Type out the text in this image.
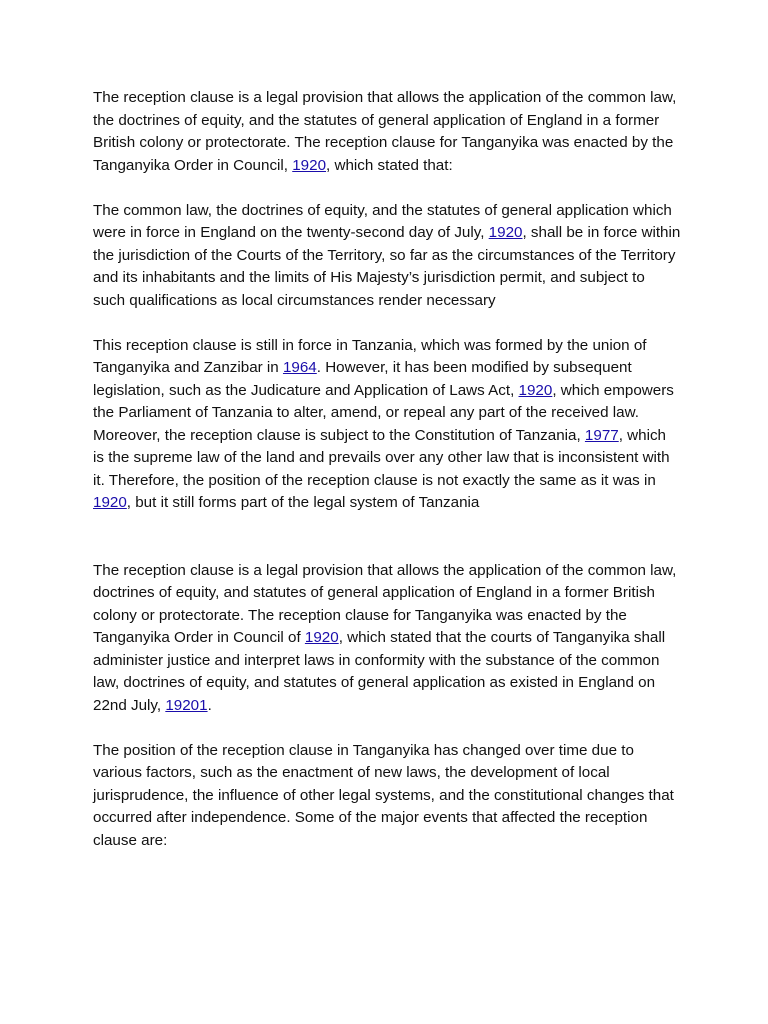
The reception clause is a legal provision that allows the application of the common law, the doctrines of equity, and the statutes of general application of England in a former British colony or protectorate. The reception clause for Tanganyika was enacted by the Tanganyika Order in Council, 1920, which stated that:

The common law, the doctrines of equity, and the statutes of general application which were in force in England on the twenty-second day of July, 1920, shall be in force within the jurisdiction of the Courts of the Territory, so far as the circumstances of the Territory and its inhabitants and the limits of His Majesty’s jurisdiction permit, and subject to such qualifications as local circumstances render necessary

This reception clause is still in force in Tanzania, which was formed by the union of Tanganyika and Zanzibar in 1964. However, it has been modified by subsequent legislation, such as the Judicature and Application of Laws Act, 1920, which empowers the Parliament of Tanzania to alter, amend, or repeal any part of the received law. Moreover, the reception clause is subject to the Constitution of Tanzania, 1977, which is the supreme law of the land and prevails over any other law that is inconsistent with it. Therefore, the position of the reception clause is not exactly the same as it was in 1920, but it still forms part of the legal system of Tanzania

The reception clause is a legal provision that allows the application of the common law, doctrines of equity, and statutes of general application of England in a former British colony or protectorate. The reception clause for Tanganyika was enacted by the Tanganyika Order in Council of 1920, which stated that the courts of Tanganyika shall administer justice and interpret laws in conformity with the substance of the common law, doctrines of equity, and statutes of general application as existed in England on 22nd July, 19201.

The position of the reception clause in Tanganyika has changed over time due to various factors, such as the enactment of new laws, the development of local jurisprudence, the influence of other legal systems, and the constitutional changes that occurred after independence. Some of the major events that affected the reception clause are:
